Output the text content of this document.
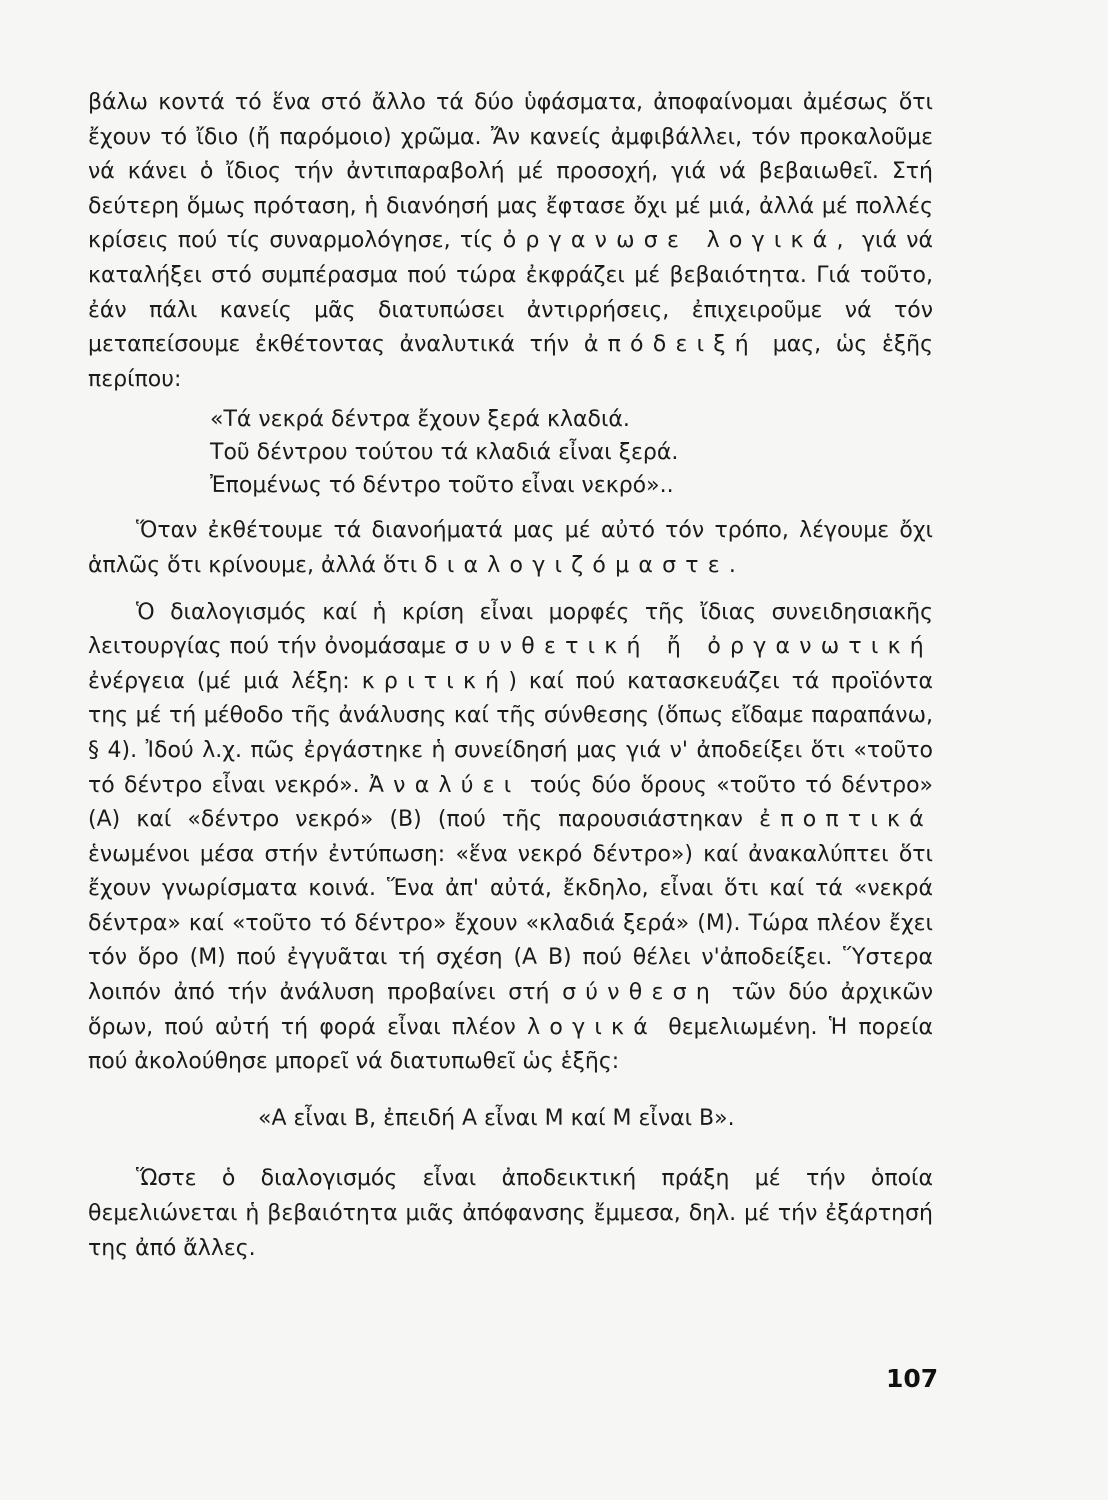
βάλω κοντά τό ἕνα στό ἄλλο τά δύο ὑφάσματα, ἀποφαίνομαι ἀμέσως ὅτι ἔχουν τό ἴδιο (ἤ παρόμοιο) χρῶμα. Ἄν κανείς ἀμφιβάλλει, τόν προκαλοῦμε νά κάνει ὁ ἴδιος τήν ἀντιπαραβολή μέ προσοχή, γιά νά βεβαιωθεῖ. Στή δεύτερη ὅμως πρόταση, ἡ διανόησή μας ἔφτασε ὄχι μέ μιά, ἀλλά μέ πολλές κρίσεις πού τίς συναρμολόγησε, τίς ὀργανωσε λογικά, γιά νά καταλήξει στό συμπέρασμα πού τώρα ἐκφράζει μέ βεβαιότητα. Γιά τοῦτο, ἐάν πάλι κανείς μᾶς διατυπώσει ἀντιρρήσεις, ἐπιχειροῦμε νά τόν μεταπείσουμε ἐκθέτοντας ἀναλυτικά τήν ἀπόδειξή μας, ὡς ἑξῆς περίπου:

«Τά νεκρά δέντρα ἔχουν ξερά κλαδιά.
Τοῦ δέντρου τούτου τά κλαδιά εἶναι ξερά.
Ἐπομένως τό δέντρο τοῦτο εἶναι νεκρό»..

Ὅταν ἐκθέτουμε τά διανοήματά μας μέ αὐτό τόν τρόπο, λέγουμε ὄχι ἁπλῶς ὅτι κρίνουμε, ἀλλά ὅτι διαλογιζόμαστε.

Ὁ διαλογισμός καί ἡ κρίση εἶναι μορφές τῆς ἴδιας συνειδησιακῆς λειτουργίας πού τήν ὀνομάσαμε συνθετική ἤ ὀργανωτική ἐνέργεια (μέ μιά λέξη: κριτική) καί πού κατασκευάζει τά προϊόντα της μέ τή μέθοδο τῆς ἀνάλυσης καί τῆς σύνθεσης (ὅπως εἴδαμε παραπάνω, § 4). Ἰδού λ.χ. πῶς ἐργάστηκε ἡ συνείδησή μας γιά ν' ἀποδείξει ὅτι «τοῦτο τό δέντρο εἶναι νεκρό». Ἀναλύει τούς δύο ὅρους «τοῦτο τό δέντρο» (Α) καί «δέντρο νεκρό» (Β) (πού τῆς παρουσιάστηκαν ἐποπτικά ἑνωμένοι μέσα στήν ἐντύπωση: «ἕνα νεκρό δέντρο») καί ἀνακαλύπτει ὅτι ἔχουν γνωρίσματα κοινά. Ἕνα ἀπ' αὐτά, ἔκδηλο, εἶναι ὅτι καί τά «νεκρά δέντρα» καί «τοῦτο τό δέντρο» ἔχουν «κλαδιά ξερά» (Μ). Τώρα πλέον ἔχει τόν ὅρο (Μ) πού ἐγγυᾶται τή σχέση (Α Β) πού θέλει ν'ἀποδείξει. Ὕστερα λοιπόν ἀπό τήν ἀνάλυση προβαίνει στή σύνθεση τῶν δύο ἀρχικῶν ὅρων, πού αὐτή τή φορά εἶναι πλέον λογικά θεμελιωμένη. Ἡ πορεία πού ἀκολούθησε μπορεῖ νά διατυπωθεῖ ὡς ἑξῆς:

«Α εἶναι Β, ἐπειδή Α εἶναι Μ καί Μ εἶναι Β».

Ὥστε ὁ διαλογισμός εἶναι ἀποδεικτική πράξη μέ τήν ὁποία θεμελιώνεται ἡ βεβαιότητα μιᾶς ἀπόφανσης ἔμμεσα, δηλ. μέ τήν ἐξάρτησή της ἀπό ἄλλες.

107
